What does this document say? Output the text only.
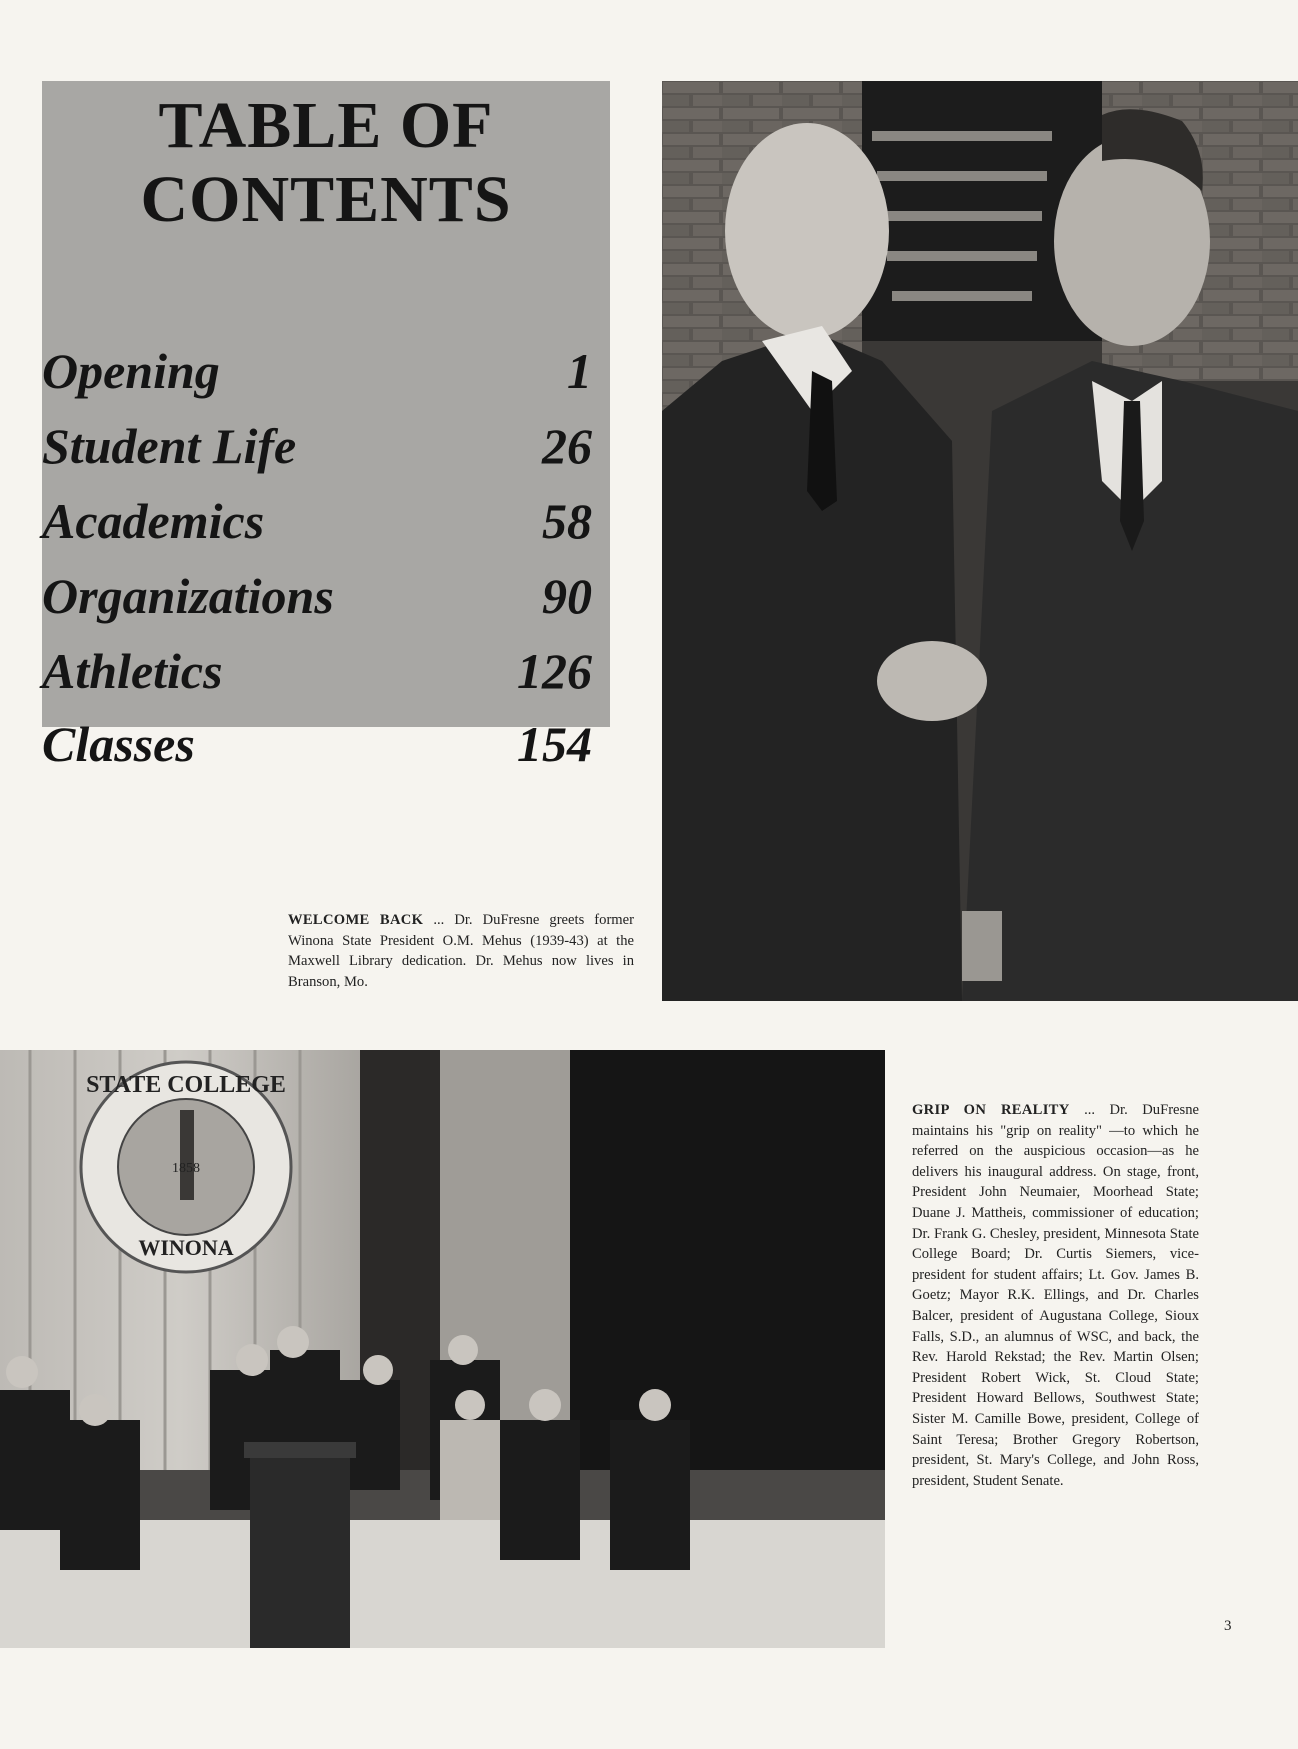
TABLE OF
CONTENTS
Opening	1
Student Life	26
Academics	58
Organizations	90
Athletics	126
Classes	154
WELCOME BACK ... Dr. DuFresne greets former Winona State President O.M. Mehus (1939-43) at the Maxwell Library dedication. Dr. Mehus now lives in Branson, Mo.
STATE COLLEGE
WINONA
1858
GRIP ON REALITY ... Dr. DuFresne maintains his "grip on reality" —to which he referred on the auspicious occasion—as he delivers his inaugural address. On stage, front, President John Neumaier, Moorhead State; Duane J. Mattheis, commissioner of education; Dr. Frank G. Chesley, president, Minnesota State College Board; Dr. Curtis Siemers, vice-president for student affairs; Lt. Gov. James B. Goetz; Mayor R.K. Ellings, and Dr. Charles Balcer, president of Augustana College, Sioux Falls, S.D., an alumnus of WSC, and back, the Rev. Harold Rekstad; the Rev. Martin Olsen; President Robert Wick, St. Cloud State; President Howard Bellows, Southwest State; Sister M. Camille Bowe, president, College of Saint Teresa; Brother Gregory Robertson, president, St. Mary's College, and John Ross, president, Student Senate.
3
